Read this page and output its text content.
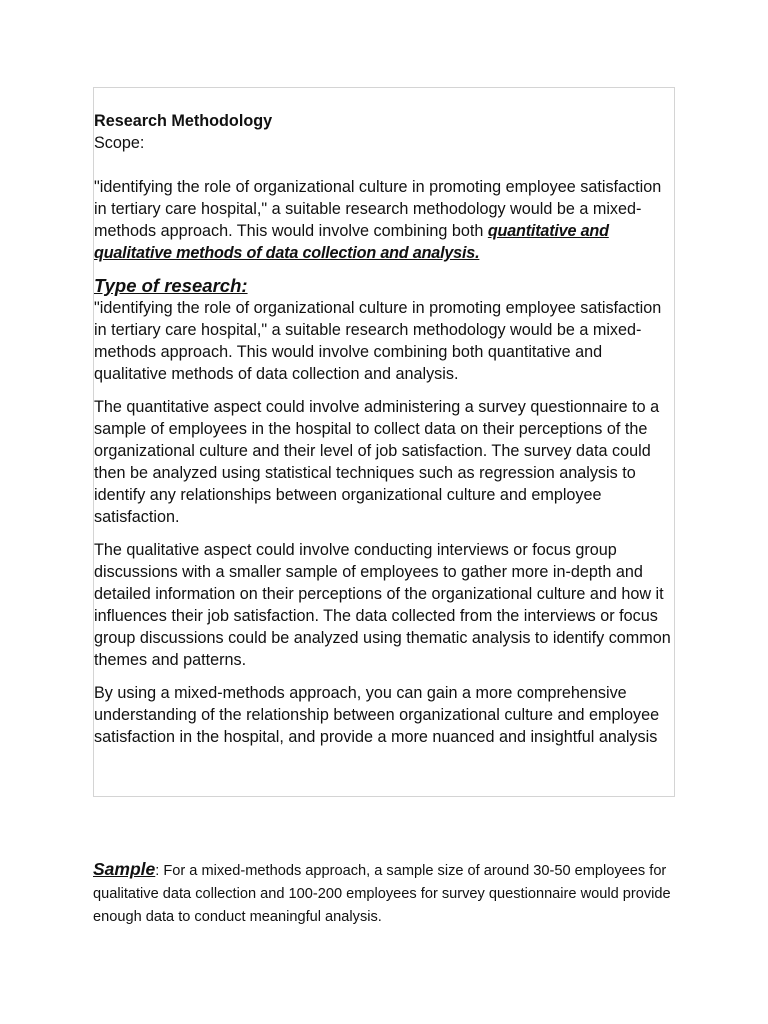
Research Methodology

Scope:

"identifying the role of organizational culture in promoting employee satisfaction in tertiary care hospital," a suitable research methodology would be a mixed-methods approach. This would involve combining both quantitative and qualitative methods of data collection and analysis.

Type of research:

"identifying the role of organizational culture in promoting employee satisfaction in tertiary care hospital," a suitable research methodology would be a mixed-methods approach. This would involve combining both quantitative and qualitative methods of data collection and analysis.

The quantitative aspect could involve administering a survey questionnaire to a sample of employees in the hospital to collect data on their perceptions of the organizational culture and their level of job satisfaction. The survey data could then be analyzed using statistical techniques such as regression analysis to identify any relationships between organizational culture and employee satisfaction.

The qualitative aspect could involve conducting interviews or focus group discussions with a smaller sample of employees to gather more in-depth and detailed information on their perceptions of the organizational culture and how it influences their job satisfaction. The data collected from the interviews or focus group discussions could be analyzed using thematic analysis to identify common themes and patterns.

By using a mixed-methods approach, you can gain a more comprehensive understanding of the relationship between organizational culture and employee satisfaction in the hospital, and provide a more nuanced and insightful analysis

Sample: For a mixed-methods approach, a sample size of around 30-50 employees for qualitative data collection and 100-200 employees for survey questionnaire would provide enough data to conduct meaningful analysis.
